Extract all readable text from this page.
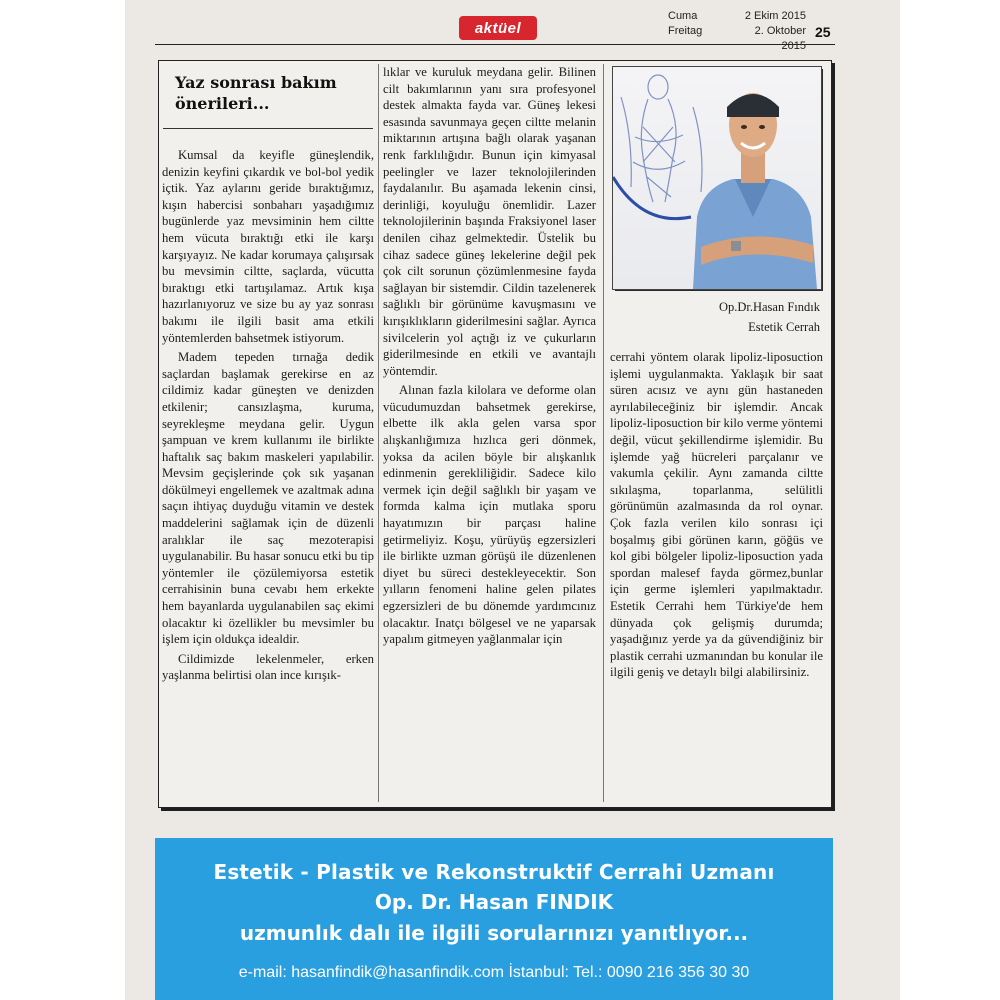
aktüel
Cuma
Freitag
2 Ekim 2015
2. Oktober 2015
25
Yaz sonrası bakım önerileri...

Kumsal da keyifle güneşlendik, denizin keyfini çıkardık ve bol-bol yedik içtik. Yaz aylarını geride bıraktığımız, kışın habercisi sonbaharı yaşadığımız bugünlerde yaz mevsiminin hem ciltte hem vücuta bıraktığı etki ile karşı karşıyayız. Ne kadar korumaya çalışırsak bu mevsimin ciltte, saçlarda, vücutta bıraktıgı etki tartışılamaz. Artık kışa hazırlanıyoruz ve size bu ay yaz sonrası bakımı ile ilgili basit ama etkili yöntemlerden bahsetmek istiyorum.

Madem tepeden tırnağa dedik saçlardan başlamak gerekirse en az cildimiz kadar güneşten ve denizden etkilenir; cansızlaşma, kuruma, seyrekleşme meydana gelir. Uygun şampuan ve krem kullanımı ile birlikte haftalık saç bakım maskeleri yapılabilir. Mevsim geçişlerinde çok sık yaşanan dökülmeyi engellemek ve azaltmak adına saçın ihtiyaç duyduğu vitamin ve destek maddelerini sağlamak için de düzenli aralıklar ile saç mezoterapisi uygulanabilir. Bu hasar sonucu etki bu tip yöntemler ile çözülemiyorsa estetik cerrahisinin buna cevabı hem erkekte hem bayanlarda uygulanabilen saç ekimi olacaktır ki özellikler bu mevsimler bu işlem için oldukça idealdir.

Cildimizde lekelenmeler, erken yaşlanma belirtisi olan ince kırışık-

lıklar ve kuruluk meydana gelir. Bilinen cilt bakımlarının yanı sıra profesyonel destek almakta fayda var. Güneş lekesi esasında savunmaya geçen ciltte melanin miktarının artışına bağlı olarak yaşanan renk farklılığıdır. Bunun için kimyasal peelingler ve lazer teknolojilerinden faydalanılır. Bu aşamada lekenin cinsi, derinliği, koyuluğu önemlidir. Lazer teknolojilerinin başında Fraksiyonel laser denilen cihaz gelmektedir. Üstelik bu cihaz sadece güneş lekelerine değil pek çok cilt sorunun çözümlenmesine fayda sağlayan bir sistemdir. Cildin tazelenerek sağlıklı bir görünüme kavuşmasını ve kırışıklıkların giderilmesini sağlar. Ayrıca sivilcelerin yol açtığı iz ve çukurların giderilmesinde en etkili ve avantajlı yöntemdir.

Alınan fazla kilolara ve deforme olan vücudumuzdan bahsetmek gerekirse, elbette ilk akla gelen varsa spor alışkanlığımıza hızlıca geri dönmek, yoksa da acilen böyle bir alışkanlık edinmenin gerekliliğidir. Sadece kilo vermek için değil sağlıklı bir yaşam ve formda kalma için mutlaka sporu hayatımızın bir parçası haline getirmeliyiz. Koşu, yürüyüş egzersizleri ile birlikte uzman görüşü ile düzenlenen diyet bu süreci destekleyecektir. Son yılların fenomeni haline gelen pilates egzersizleri de bu dönemde yardımcınız olacaktır. Inatçı bölgesel ve ne yaparsak yapalım gitmeyen yağlanmalar için

Op.Dr.Hasan Fındık
Estetik Cerrah

cerrahi yöntem olarak lipoliz-liposuction işlemi uygulanmakta. Yaklaşık bir saat süren acısız ve aynı gün hastaneden ayrılabileceğiniz bir işlemdir. Ancak lipoliz-liposuction bir kilo verme yöntemi değil, vücut şekillendirme işlemidir. Bu işlemde yağ hücreleri parçalanır ve vakumla çekilir. Aynı zamanda ciltte sıkılaşma, toparlanma, selülitli görünümün azalmasında da rol oynar. Çok fazla verilen kilo sonrası içi boşalmış gibi görünen karın, göğüs ve kol gibi bölgeler lipoliz-liposuction yada spordan malesef fayda görmez,bunlar için germe işlemleri yapılmaktadır. Estetik Cerrahi hem Türkiye'de hem dünyada çok gelişmiş durumda; yaşadığınız yerde ya da güvendiğiniz bir plastik cerrahi uzmanından bu konular ile ilgili geniş ve detaylı bilgi alabilirsiniz.

Estetik - Plastik ve Rekonstruktif Cerrahi Uzmanı
Op. Dr. Hasan FINDIK
uzmunlık dalı ile ilgili sorularınızı yanıtlıyor...
e-mail: hasanfindik@hasanfindik.com İstanbul: Tel.: 0090 216 356 30 30
